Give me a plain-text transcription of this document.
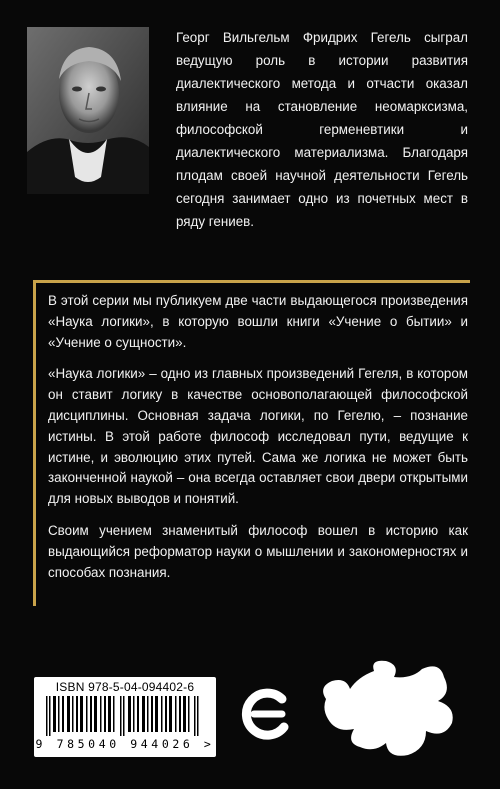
Георг Вильгельм Фридрих Гегель сыграл ведущую роль в истории развития диалектического метода и отчасти оказал влияние на становление неомарксизма, философской герменевтики и диалектического материализма. Благодаря плодам своей научной деятельности Гегель сегодня занимает одно из почетных мест в ряду гениев.

В этой серии мы публикуем две части выдающегося произведения «Наука логики», в которую вошли книги «Учение о бытии» и «Учение о сущности».

«Наука логики» – одно из главных произведений Гегеля, в котором он ставит логику в качестве основополагающей философской дисциплины. Основная задача логики, по Гегелю, – познание истины. В этой работе философ исследовал пути, ведущие к истине, и эволюцию этих путей. Сама же логика не может быть законченной наукой – она всегда оставляет свои двери открытыми для новых выводов и понятий.

Своим учением знаменитый философ вошел в историю как выдающийся реформатор науки о мышлении и закономерностях и способах познания.

ISBN 978-5-04-094402-6
9 785040 944026 >
